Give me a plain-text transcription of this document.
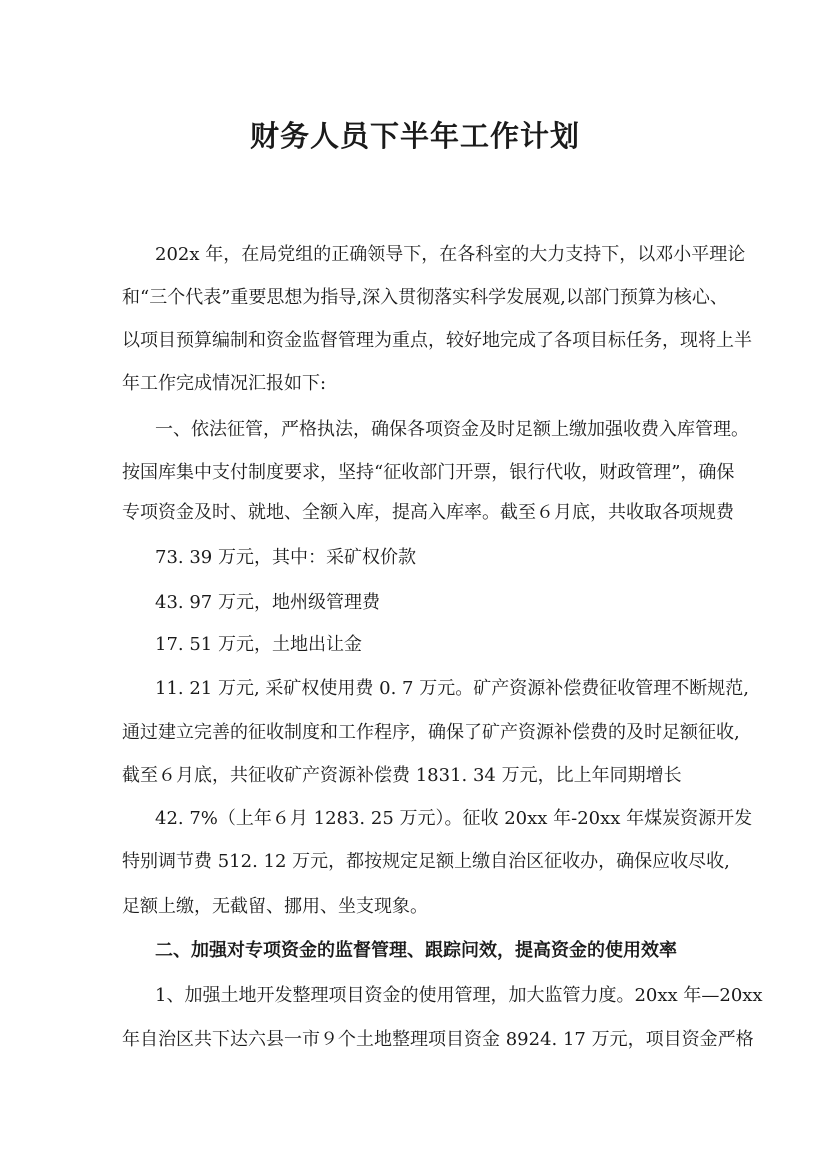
财务人员下半年工作计划
202x 年，在局党组的正确领导下，在各科室的大力支持下，以邓小平理论
和“三个代表”重要思想为指导,深入贯彻落实科学发展观,以部门预算为核心、
以项目预算编制和资金监督管理为重点，较好地完成了各项目标任务，现将上半
年工作完成情况汇报如下:
一、依法征管，严格执法，确保各项资金及时足额上缴加强收费入库管理。
按国库集中支付制度要求，坚持“征收部门开票，银行代收，财政管理”，确保
专项资金及时、就地、全额入库，提高入库率。截至６月底，共收取各项规费
73. 39 万元，其中：采矿权价款
43. 97 万元，地州级管理费
17. 51 万元，土地出让金
11. 21 万元, 采矿权使用费 0. 7 万元。矿产资源补偿费征收管理不断规范,
通过建立完善的征收制度和工作程序，确保了矿产资源补偿费的及时足额征收,
截至６月底，共征收矿产资源补偿费 1831. 34 万元，比上年同期增长
42. 7%（上年６月 1283. 25 万元）。征收 20xx 年-20xx 年煤炭资源开发
特别调节费 512. 12 万元，都按规定足额上缴自治区征收办，确保应收尽收,
足额上缴，无截留、挪用、坐支现象。
二、加强对专项资金的监督管理、跟踪问效，提高资金的使用效率
1、加强土地开发整理项目资金的使用管理，加大监管力度。20xx 年—20xx
年自治区共下达六县一市９个土地整理项目资金 8924. 17 万元，项目资金严格
